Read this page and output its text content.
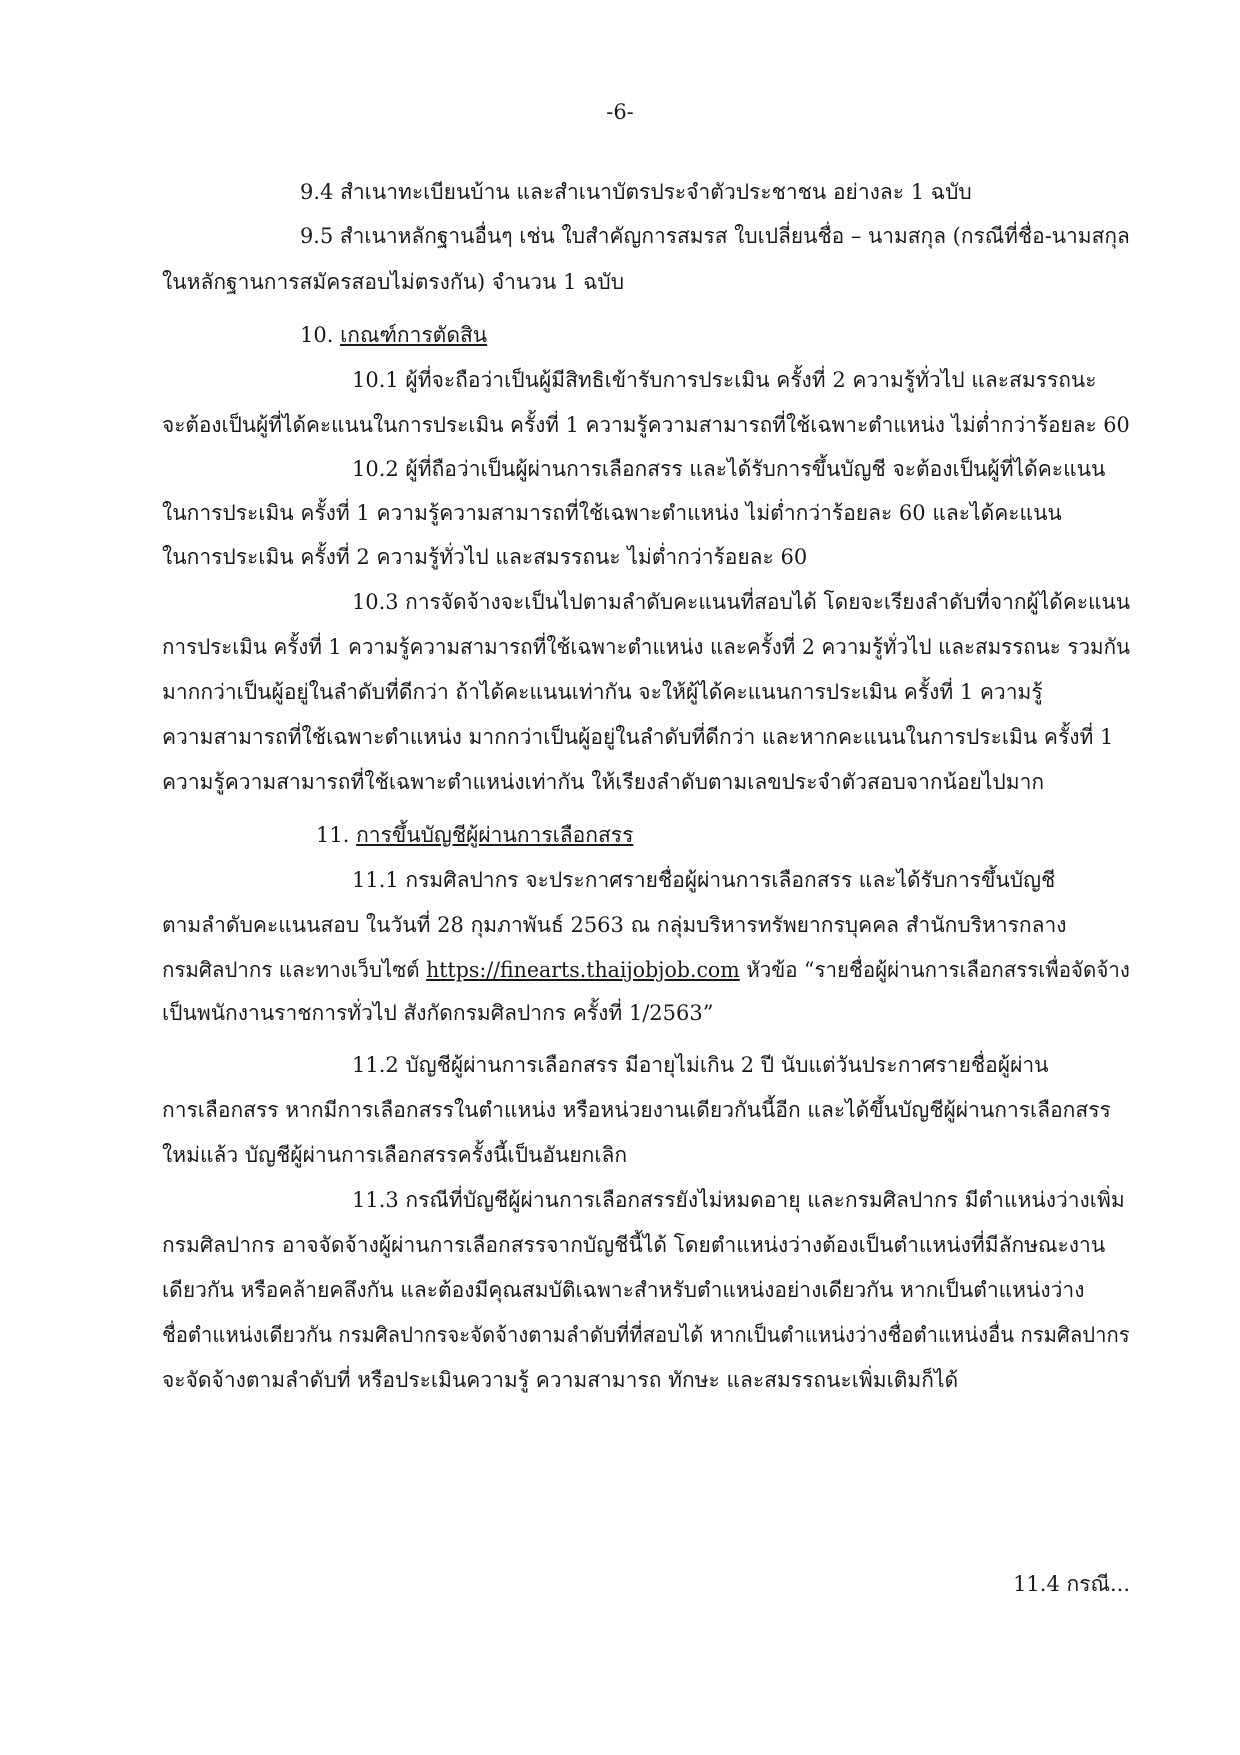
-6-
9.4 สำเนาทะเบียนบ้าน และสำเนาบัตรประจำตัวประชาชน อย่างละ 1 ฉบับ
9.5 สำเนาหลักฐานอื่นๆ เช่น ใบสำคัญการสมรส ใบเปลี่ยนชื่อ – นามสกุล (กรณีที่ชื่อ-นามสกุล
ในหลักฐานการสมัครสอบไม่ตรงกัน) จำนวน 1 ฉบับ
10. เกณฑ์การตัดสิน
10.1 ผู้ที่จะถือว่าเป็นผู้มีสิทธิเข้ารับการประเมิน ครั้งที่ 2 ความรู้ทั่วไป และสมรรถนะ
จะต้องเป็นผู้ที่ได้คะแนนในการประเมิน ครั้งที่ 1 ความรู้ความสามารถที่ใช้เฉพาะตำแหน่ง ไม่ต่ำกว่าร้อยละ 60
10.2 ผู้ที่ถือว่าเป็นผู้ผ่านการเลือกสรร และได้รับการขึ้นบัญชี จะต้องเป็นผู้ที่ได้คะแนน
ในการประเมิน ครั้งที่ 1 ความรู้ความสามารถที่ใช้เฉพาะตำแหน่ง ไม่ต่ำกว่าร้อยละ 60 และได้คะแนน
ในการประเมิน ครั้งที่ 2 ความรู้ทั่วไป และสมรรถนะ ไม่ต่ำกว่าร้อยละ 60
10.3 การจัดจ้างจะเป็นไปตามลำดับคะแนนที่สอบได้ โดยจะเรียงลำดับที่จากผู้ได้คะแนน
การประเมิน ครั้งที่ 1 ความรู้ความสามารถที่ใช้เฉพาะตำแหน่ง และครั้งที่ 2 ความรู้ทั่วไป และสมรรถนะ รวมกัน
มากกว่าเป็นผู้อยู่ในลำดับที่ดีกว่า ถ้าได้คะแนนเท่ากัน จะให้ผู้ได้คะแนนการประเมิน ครั้งที่ 1 ความรู้
ความสามารถที่ใช้เฉพาะตำแหน่ง มากกว่าเป็นผู้อยู่ในลำดับที่ดีกว่า และหากคะแนนในการประเมิน ครั้งที่ 1
ความรู้ความสามารถที่ใช้เฉพาะตำแหน่งเท่ากัน ให้เรียงลำดับตามเลขประจำตัวสอบจากน้อยไปมาก
11. การขึ้นบัญชีผู้ผ่านการเลือกสรร
11.1 กรมศิลปากร จะประกาศรายชื่อผู้ผ่านการเลือกสรร และได้รับการขึ้นบัญชี
ตามลำดับคะแนนสอบ ในวันที่ 28 กุมภาพันธ์ 2563 ณ กลุ่มบริหารทรัพยากรบุคคล สำนักบริหารกลาง
กรมศิลปากร และทางเว็บไซต์ https://finearts.thaijobjob.com หัวข้อ “รายชื่อผู้ผ่านการเลือกสรรเพื่อจัดจ้าง
เป็นพนักงานราชการทั่วไป สังกัดกรมศิลปากร ครั้งที่ 1/2563”
11.2 บัญชีผู้ผ่านการเลือกสรร มีอายุไม่เกิน 2 ปี นับแต่วันประกาศรายชื่อผู้ผ่าน
การเลือกสรร หากมีการเลือกสรรในตำแหน่ง หรือหน่วยงานเดียวกันนี้อีก และได้ขึ้นบัญชีผู้ผ่านการเลือกสรร
ใหม่แล้ว บัญชีผู้ผ่านการเลือกสรรครั้งนี้เป็นอันยกเลิก
11.3 กรณีที่บัญชีผู้ผ่านการเลือกสรรยังไม่หมดอายุ และกรมศิลปากร มีตำแหน่งว่างเพิ่ม
กรมศิลปากร อาจจัดจ้างผู้ผ่านการเลือกสรรจากบัญชีนี้ได้ โดยตำแหน่งว่างต้องเป็นตำแหน่งที่มีลักษณะงาน
เดียวกัน หรือคล้ายคลึงกัน และต้องมีคุณสมบัติเฉพาะสำหรับตำแหน่งอย่างเดียวกัน หากเป็นตำแหน่งว่าง
ชื่อตำแหน่งเดียวกัน กรมศิลปากรจะจัดจ้างตามลำดับที่ที่สอบได้ หากเป็นตำแหน่งว่างชื่อตำแหน่งอื่น กรมศิลปากร
จะจัดจ้างตามลำดับที่ หรือประเมินความรู้ ความสามารถ ทักษะ และสมรรถนะเพิ่มเติมก็ได้
11.4 กรณี...
